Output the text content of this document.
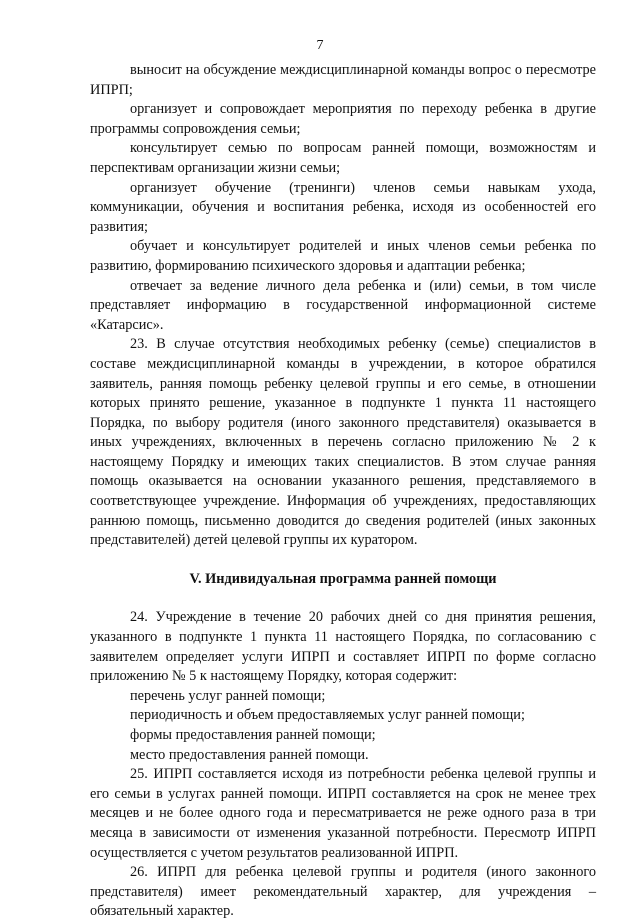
7

выносит на обсуждение междисциплинарной команды вопрос о пересмотре ИПРП;

организует и сопровождает мероприятия по переходу ребенка в другие программы сопровождения семьи;

консультирует семью по вопросам ранней помощи, возможностям и перспективам организации жизни семьи;

организует обучение (тренинги) членов семьи навыкам ухода, коммуникации, обучения и воспитания ребенка, исходя из особенностей его развития;

обучает и консультирует родителей и иных членов семьи ребенка по развитию, формированию психического здоровья и адаптации ребенка;

отвечает за ведение личного дела ребенка и (или) семьи, в том числе представляет информацию в государственной информационной системе «Катарсис».

23. В случае отсутствия необходимых ребенку (семье) специалистов в составе междисциплинарной команды в учреждении, в которое обратился заявитель, ранняя помощь ребенку целевой группы и его семье, в отношении которых принято решение, указанное в подпункте 1 пункта 11 настоящего Порядка, по выбору родителя (иного законного представителя) оказывается в иных учреждениях, включенных в перечень согласно приложению № 2 к настоящему Порядку и имеющих таких специалистов. В этом случае ранняя помощь оказывается на основании указанного решения, представляемого в соответствующее учреждение. Информация об учреждениях, предоставляющих раннюю помощь, письменно доводится до сведения родителей (иных законных представителей) детей целевой группы их куратором.

V. Индивидуальная программа ранней помощи

24. Учреждение в течение 20 рабочих дней со дня принятия решения, указанного в подпункте 1 пункта 11 настоящего Порядка, по согласованию с заявителем определяет услуги ИПРП и составляет ИПРП по форме согласно приложению № 5 к настоящему Порядку, которая содержит:

перечень услуг ранней помощи;

периодичность и объем предоставляемых услуг ранней помощи;

формы предоставления ранней помощи;

место предоставления ранней помощи.

25. ИПРП составляется исходя из потребности ребенка целевой группы и его семьи в услугах ранней помощи. ИПРП составляется на срок не менее трех месяцев и не более одного года и пересматривается не реже одного раза в три месяца в зависимости от изменения указанной потребности. Пересмотр ИПРП осуществляется с учетом результатов реализованной ИПРП.

26. ИПРП для ребенка целевой группы и родителя (иного законного представителя) имеет рекомендательный характер, для учреждения – обязательный характер.
